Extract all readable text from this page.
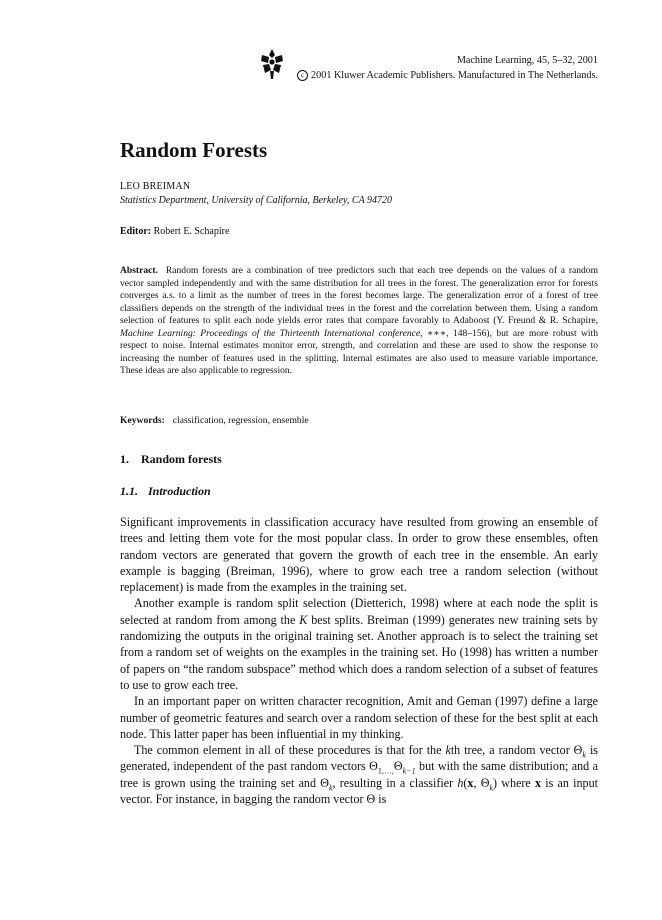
Machine Learning, 45, 5–32, 2001
c 2001 Kluwer Academic Publishers. Manufactured in The Netherlands.
Random Forests
LEO BREIMAN
Statistics Department, University of California, Berkeley, CA 94720
Editor: Robert E. Schapire

Abstract. Random forests are a combination of tree predictors such that each tree depends on the values of a random vector sampled independently and with the same distribution for all trees in the forest. The generalization error for forests converges a.s. to a limit as the number of trees in the forest becomes large. The generalization error of a forest of tree classifiers depends on the strength of the individual trees in the forest and the correlation between them. Using a random selection of features to split each node yields error rates that compare favorably to Adaboost (Y. Freund & R. Schapire, Machine Learning: Proceedings of the Thirteenth International conference, ∗∗∗, 148–156), but are more robust with respect to noise. Internal estimates monitor error, strength, and correlation and these are used to show the response to increasing the number of features used in the splitting. Internal estimates are also used to measure variable importance. These ideas are also applicable to regression.

Keywords: classification, regression, ensemble
1. Random forests
1.1. Introduction

Significant improvements in classification accuracy have resulted from growing an ensemble of trees and letting them vote for the most popular class. In order to grow these ensembles, often random vectors are generated that govern the growth of each tree in the ensemble. An early example is bagging (Breiman, 1996), where to grow each tree a random selection (without replacement) is made from the examples in the training set.

Another example is random split selection (Dietterich, 1998) where at each node the split is selected at random from among the K best splits. Breiman (1999) generates new training sets by randomizing the outputs in the original training set. Another approach is to select the training set from a random set of weights on the examples in the training set. Ho (1998) has written a number of papers on “the random subspace” method which does a random selection of a subset of features to use to grow each tree.

In an important paper on written character recognition, Amit and Geman (1997) define a large number of geometric features and search over a random selection of these for the best split at each node. This latter paper has been influential in my thinking.

The common element in all of these procedures is that for the kth tree, a random vector $\Theta_k$ is generated, independent of the past random vectors $\Theta_{1,\dots,}\Theta_{k-1}$ but with the same distribution; and a tree is grown using the training set and $\Theta_k$, resulting in a classifier h(x, $\Theta_k$) where x is an input vector. For instance, in bagging the random vector Θ is
